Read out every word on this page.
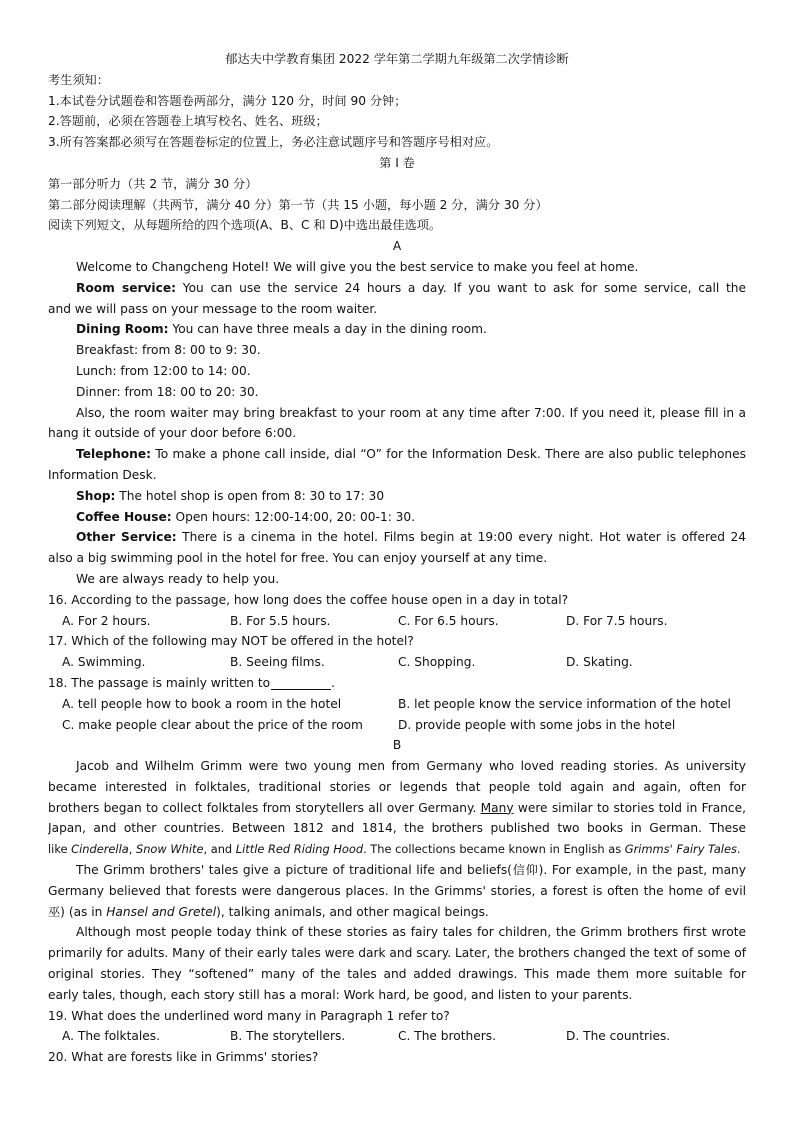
郁达夫中学教育集团 2022 学年第二学期九年级第二次学情诊断
考生须知：
1.本试卷分试题卷和答题卷两部分，满分 120 分，时间 90 分钟；
2.答题前，必须在答题卷上填写校名、姓名、班级；
3.所有答案都必须写在答题卷标定的位置上，务必注意试题序号和答题序号相对应。
第 I 卷
第一部分听力（共 2 节，满分 30 分）
第二部分阅读理解（共两节，满分 40 分）第一节（共 15 小题，每小题 2 分，满分 30 分）
阅读下列短文，从每题所给的四个选项(A、B、C 和 D)中选出最佳选项。
A
Welcome to Changcheng Hotel! We will give you the best service to make you feel at home.
Room service: You can use the service 24 hours a day. If you want to ask for some service, call the
and we will pass on your message to the room waiter.
Dining Room: You can have three meals a day in the dining room.
Breakfast: from 8: 00 to 9: 30.
Lunch: from 12:00 to 14: 00.
Dinner: from 18: 00 to 20: 30.
Also, the room waiter may bring breakfast to your room at any time after 7:00. If you need it, please fill in a
hang it outside of your door before 6:00.
Telephone: To make a phone call inside, dial “O” for the Information Desk. There are also public telephones
Information Desk.
Shop: The hotel shop is open from 8: 30 to 17: 30
Coffee House: Open hours: 12:00-14:00, 20: 00-1: 30.
Other Service: There is a cinema in the hotel. Films begin at 19:00 every night. Hot water is offered 24
also a big swimming pool in the hotel for free. You can enjoy yourself at any time.
We are always ready to help you.
16. According to the passage, how long does the coffee house open in a day in total?
A. For 2 hours.	B. For 5.5 hours.	C. For 6.5 hours.	D. For 7.5 hours.
17. Which of the following may NOT be offered in the hotel?
A. Swimming.	B. Seeing films.	C. Shopping.	D. Skating.
18. The passage is mainly written to	.
A. tell people how to book a room in the hotel	B. let people know the service information of the hotel
C. make people clear about the price of the room	D. provide people with some jobs in the hotel
B
Jacob and Wilhelm Grimm were two young men from Germany who loved reading stories. As university
became interested in folktales, traditional stories or legends that people told again and again, often for
brothers began to collect folktales from storytellers all over Germany. Many were similar to stories told in France,
Japan, and other countries. Between 1812 and 1814, the brothers published two books in German. These
like Cinderella, Snow White, and Little Red Riding Hood. The collections became known in English as Grimms' Fairy Tales.
The Grimm brothers' tales give a picture of traditional life and beliefs(信仰). For example, in the past, many
Germany believed that forests were dangerous places. In the Grimms' stories, a forest is often the home of evil
巫) (as in Hansel and Gretel), talking animals, and other magical beings.
Although most people today think of these stories as fairy tales for children, the Grimm brothers first wrote
primarily for adults. Many of their early tales were dark and scary. Later, the brothers changed the text of some of
original stories. They “softened” many of the tales and added drawings. This made them more suitable for
early tales, though, each story still has a moral: Work hard, be good, and listen to your parents.
19. What does the underlined word many in Paragraph 1 refer to?
A. The folktales.	B. The storytellers.	C. The brothers.	D. The countries.
20. What are forests like in Grimms' stories?
